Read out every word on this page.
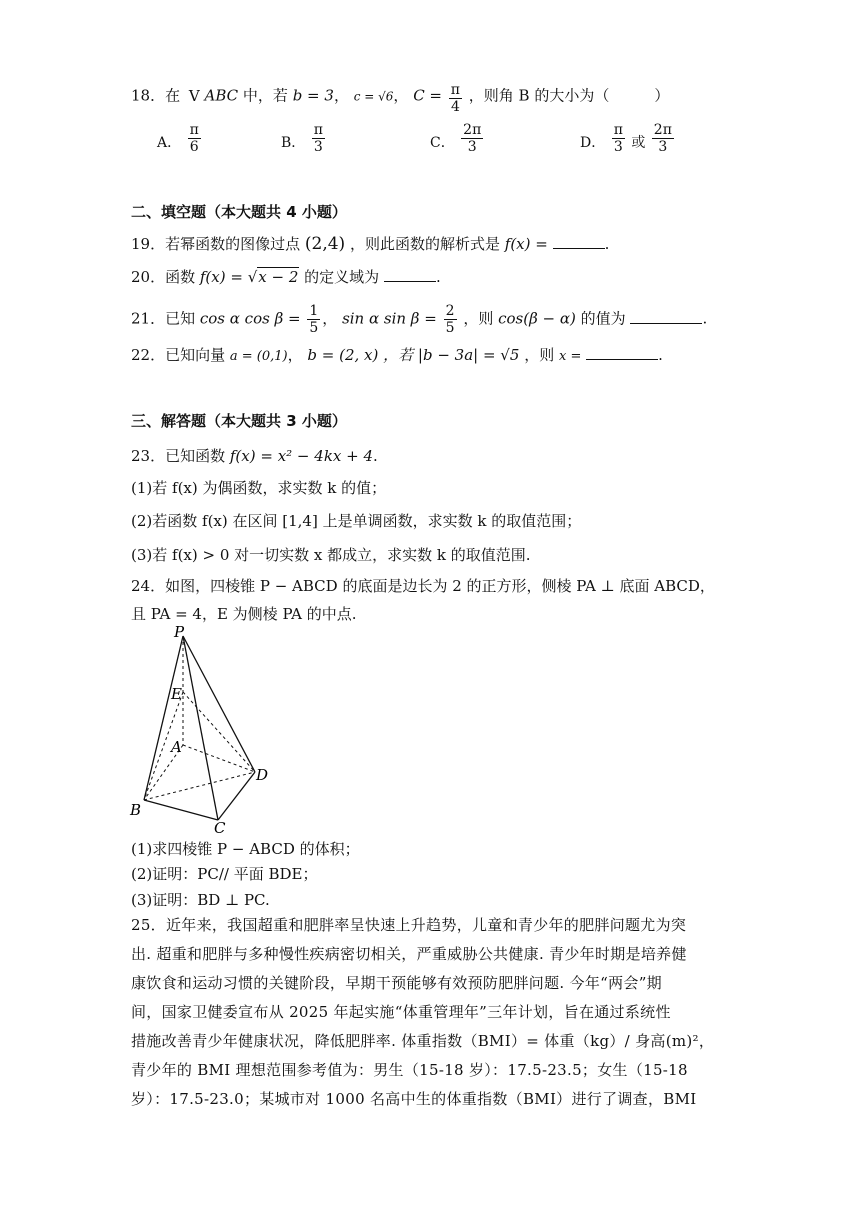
18．在 V ABC 中，若 b = 3， c = √6， $C = \frac{\pi}{4}$ ，则角 B 的大小为（　　　）
A． $\frac{\pi}{6}$	B． $\frac{\pi}{3}$	C． $\frac{2\pi}{3}$	D． $\frac{\pi}{3}$ 或 $\frac{2\pi}{3}$
二、填空题（本大题共 4 小题）
19．若幂函数的图像过点 (2,4) ，则此函数的解析式是 f(x) =	.
20．函数 f(x) = √x − 2 的定义域为	.
21．已知 cos α $\cos \beta = \frac{1}{5}$ ， sin α $\sin \beta = \frac{2}{5}$ ，则 cos(β − α) 的值为	.
22．已知向量 a = (0,1)， b = (2, x) ，若 |b − 3a| = √5 ，则 x =	.
三、解答题（本大题共 3 小题）
23．已知函数 f(x) = x² − 4kx + 4.
(1)若 f(x) 为偶函数，求实数 k 的值；
(2)若函数 f(x) 在区间 [1,4] 上是单调函数，求实数 k 的取值范围；
(3)若 f(x) > 0 对一切实数 x 都成立，求实数 k 的取值范围.
24．如图，四棱锥 P − ABCD 的底面是边长为 2 的正方形，侧棱 PA ⊥ 底面 ABCD，
且 PA = 4，E 为侧棱 PA 的中点.
P
E
A
B
C
D
(1)求四棱锥 P − ABCD 的体积；
(2)证明：PC// 平面 BDE；
(3)证明：BD ⊥ PC.

25．近年来，我国超重和肥胖率呈快速上升趋势，儿童和青少年的肥胖问题尤为突

出. 超重和肥胖与多种慢性疾病密切相关，严重威胁公共健康. 青少年时期是培养健

康饮食和运动习惯的关键阶段，早期干预能够有效预防肥胖问题. 今年“两会”期

间，国家卫健委宣布从 2025 年起实施“体重管理年”三年计划，旨在通过系统性

措施改善青少年健康状况，降低肥胖率. 体重指数（BMI）= 体重（kg）/ 身高(m)²，

青少年的 BMI 理想范围参考值为：男生（15-18 岁）：17.5-23.5；女生（15-18

岁）：17.5-23.0；某城市对 1000 名高中生的体重指数（BMI）进行了调查，BMI
